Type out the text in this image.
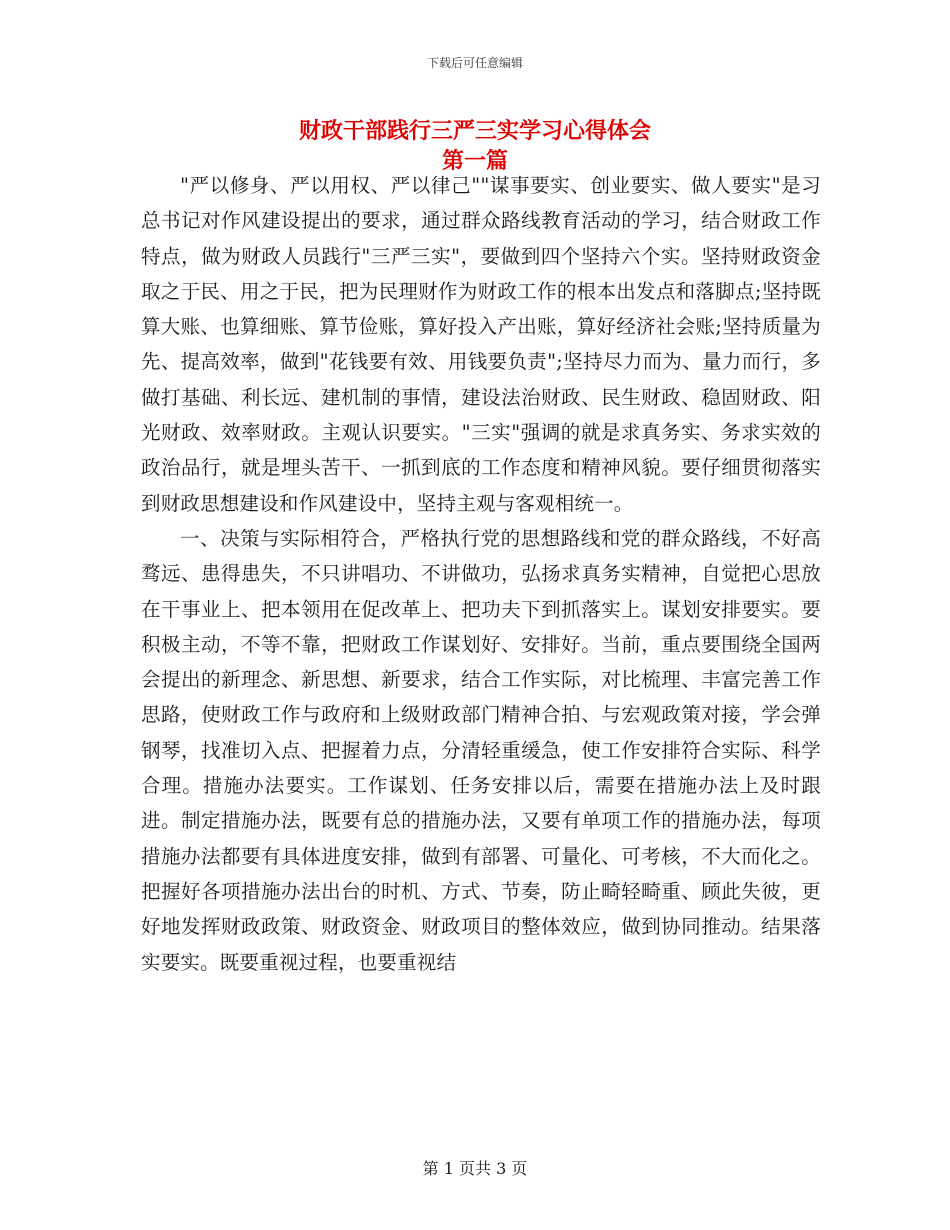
下载后可任意编辑
财政干部践行三严三实学习心得体会
第一篇

"严以修身、严以用权、严以律己""谋事要实、创业要实、做人要实"是习总书记对作风建设提出的要求，通过群众路线教育活动的学习，结合财政工作特点，做为财政人员践行"三严三实"，要做到四个坚持六个实。坚持财政资金取之于民、用之于民，把为民理财作为财政工作的根本出发点和落脚点;坚持既算大账、也算细账、算节俭账，算好投入产出账，算好经济社会账;坚持质量为先、提高效率，做到"花钱要有效、用钱要负责";坚持尽力而为、量力而行，多做打基础、利长远、建机制的事情，建设法治财政、民生财政、稳固财政、阳光财政、效率财政。主观认识要实。"三实"强调的就是求真务实、务求实效的政治品行，就是埋头苦干、一抓到底的工作态度和精神风貌。要仔细贯彻落实到财政思想建设和作风建设中，坚持主观与客观相统一。

一、决策与实际相符合，严格执行党的思想路线和党的群众路线，不好高骛远、患得患失，不只讲唱功、不讲做功，弘扬求真务实精神，自觉把心思放在干事业上、把本领用在促改革上、把功夫下到抓落实上。谋划安排要实。要积极主动，不等不靠，把财政工作谋划好、安排好。当前，重点要围绕全国两会提出的新理念、新思想、新要求，结合工作实际，对比梳理、丰富完善工作思路，使财政工作与政府和上级财政部门精神合拍、与宏观政策对接，学会弹钢琴，找准切入点、把握着力点，分清轻重缓急，使工作安排符合实际、科学合理。措施办法要实。工作谋划、任务安排以后，需要在措施办法上及时跟进。制定措施办法，既要有总的措施办法，又要有单项工作的措施办法，每项措施办法都要有具体进度安排，做到有部署、可量化、可考核，不大而化之。把握好各项措施办法出台的时机、方式、节奏，防止畸轻畸重、顾此失彼，更好地发挥财政政策、财政资金、财政项目的整体效应，做到协同推动。结果落实要实。既要重视过程，也要重视结

第 1 页共 3 页
